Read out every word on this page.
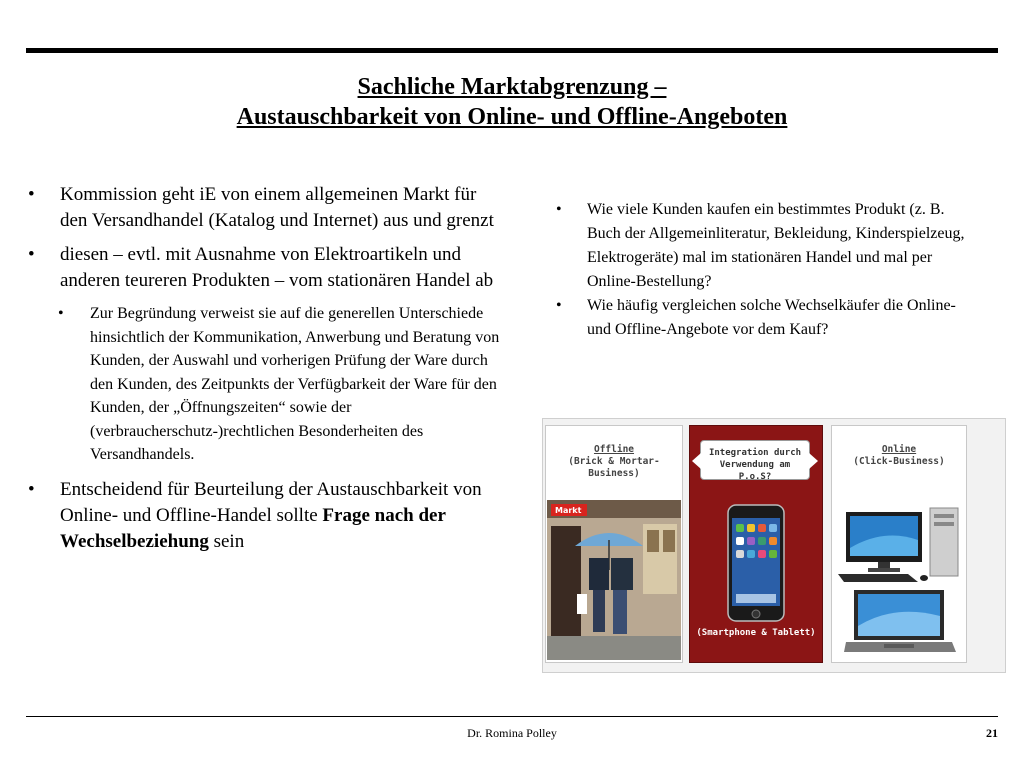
Sachliche Marktabgrenzung –
Austauschbarkeit von Online- und Offline-Angeboten
• Kommission geht iE von einem allgemeinen Markt für den Versandhandel (Katalog und Internet) aus und grenzt
• diesen – evtl. mit Ausnahme von Elektroartikeln und anderen teureren Produkten – vom stationären Handel ab
• Zur Begründung verweist sie auf die generellen Unterschiede hinsichtlich der Kommunikation, Anwerbung und Beratung von Kunden, der Auswahl und vorherigen Prüfung der Ware durch den Kunden, des Zeitpunkts der Verfügbarkeit der Ware für den Kunden, der „Öffnungszeiten“ sowie der (verbraucherschutz-)rechtlichen Besonderheiten des Versandhandels.
• Entscheidend für Beurteilung der Austauschbarkeit von Online- und Offline-Handel sollte Frage nach der Wechselbeziehung sein
• Wie viele Kunden kaufen ein bestimmtes Produkt (z. B. Buch der Allgemeinliteratur, Bekleidung, Kinderspielzeug, Elektrogeräte) mal im stationären Handel und mal per Online-Bestellung?
• Wie häufig vergleichen solche Wechselkäufer die Online- und Offline-Angebote vor dem Kauf?
Offline
(Brick & Mortar-Business)
Markt
Integration durch
Verwendung am P.o.S?
(Smartphone & Tablett)
Online
(Click-Business)
Dr. Romina Polley	21
